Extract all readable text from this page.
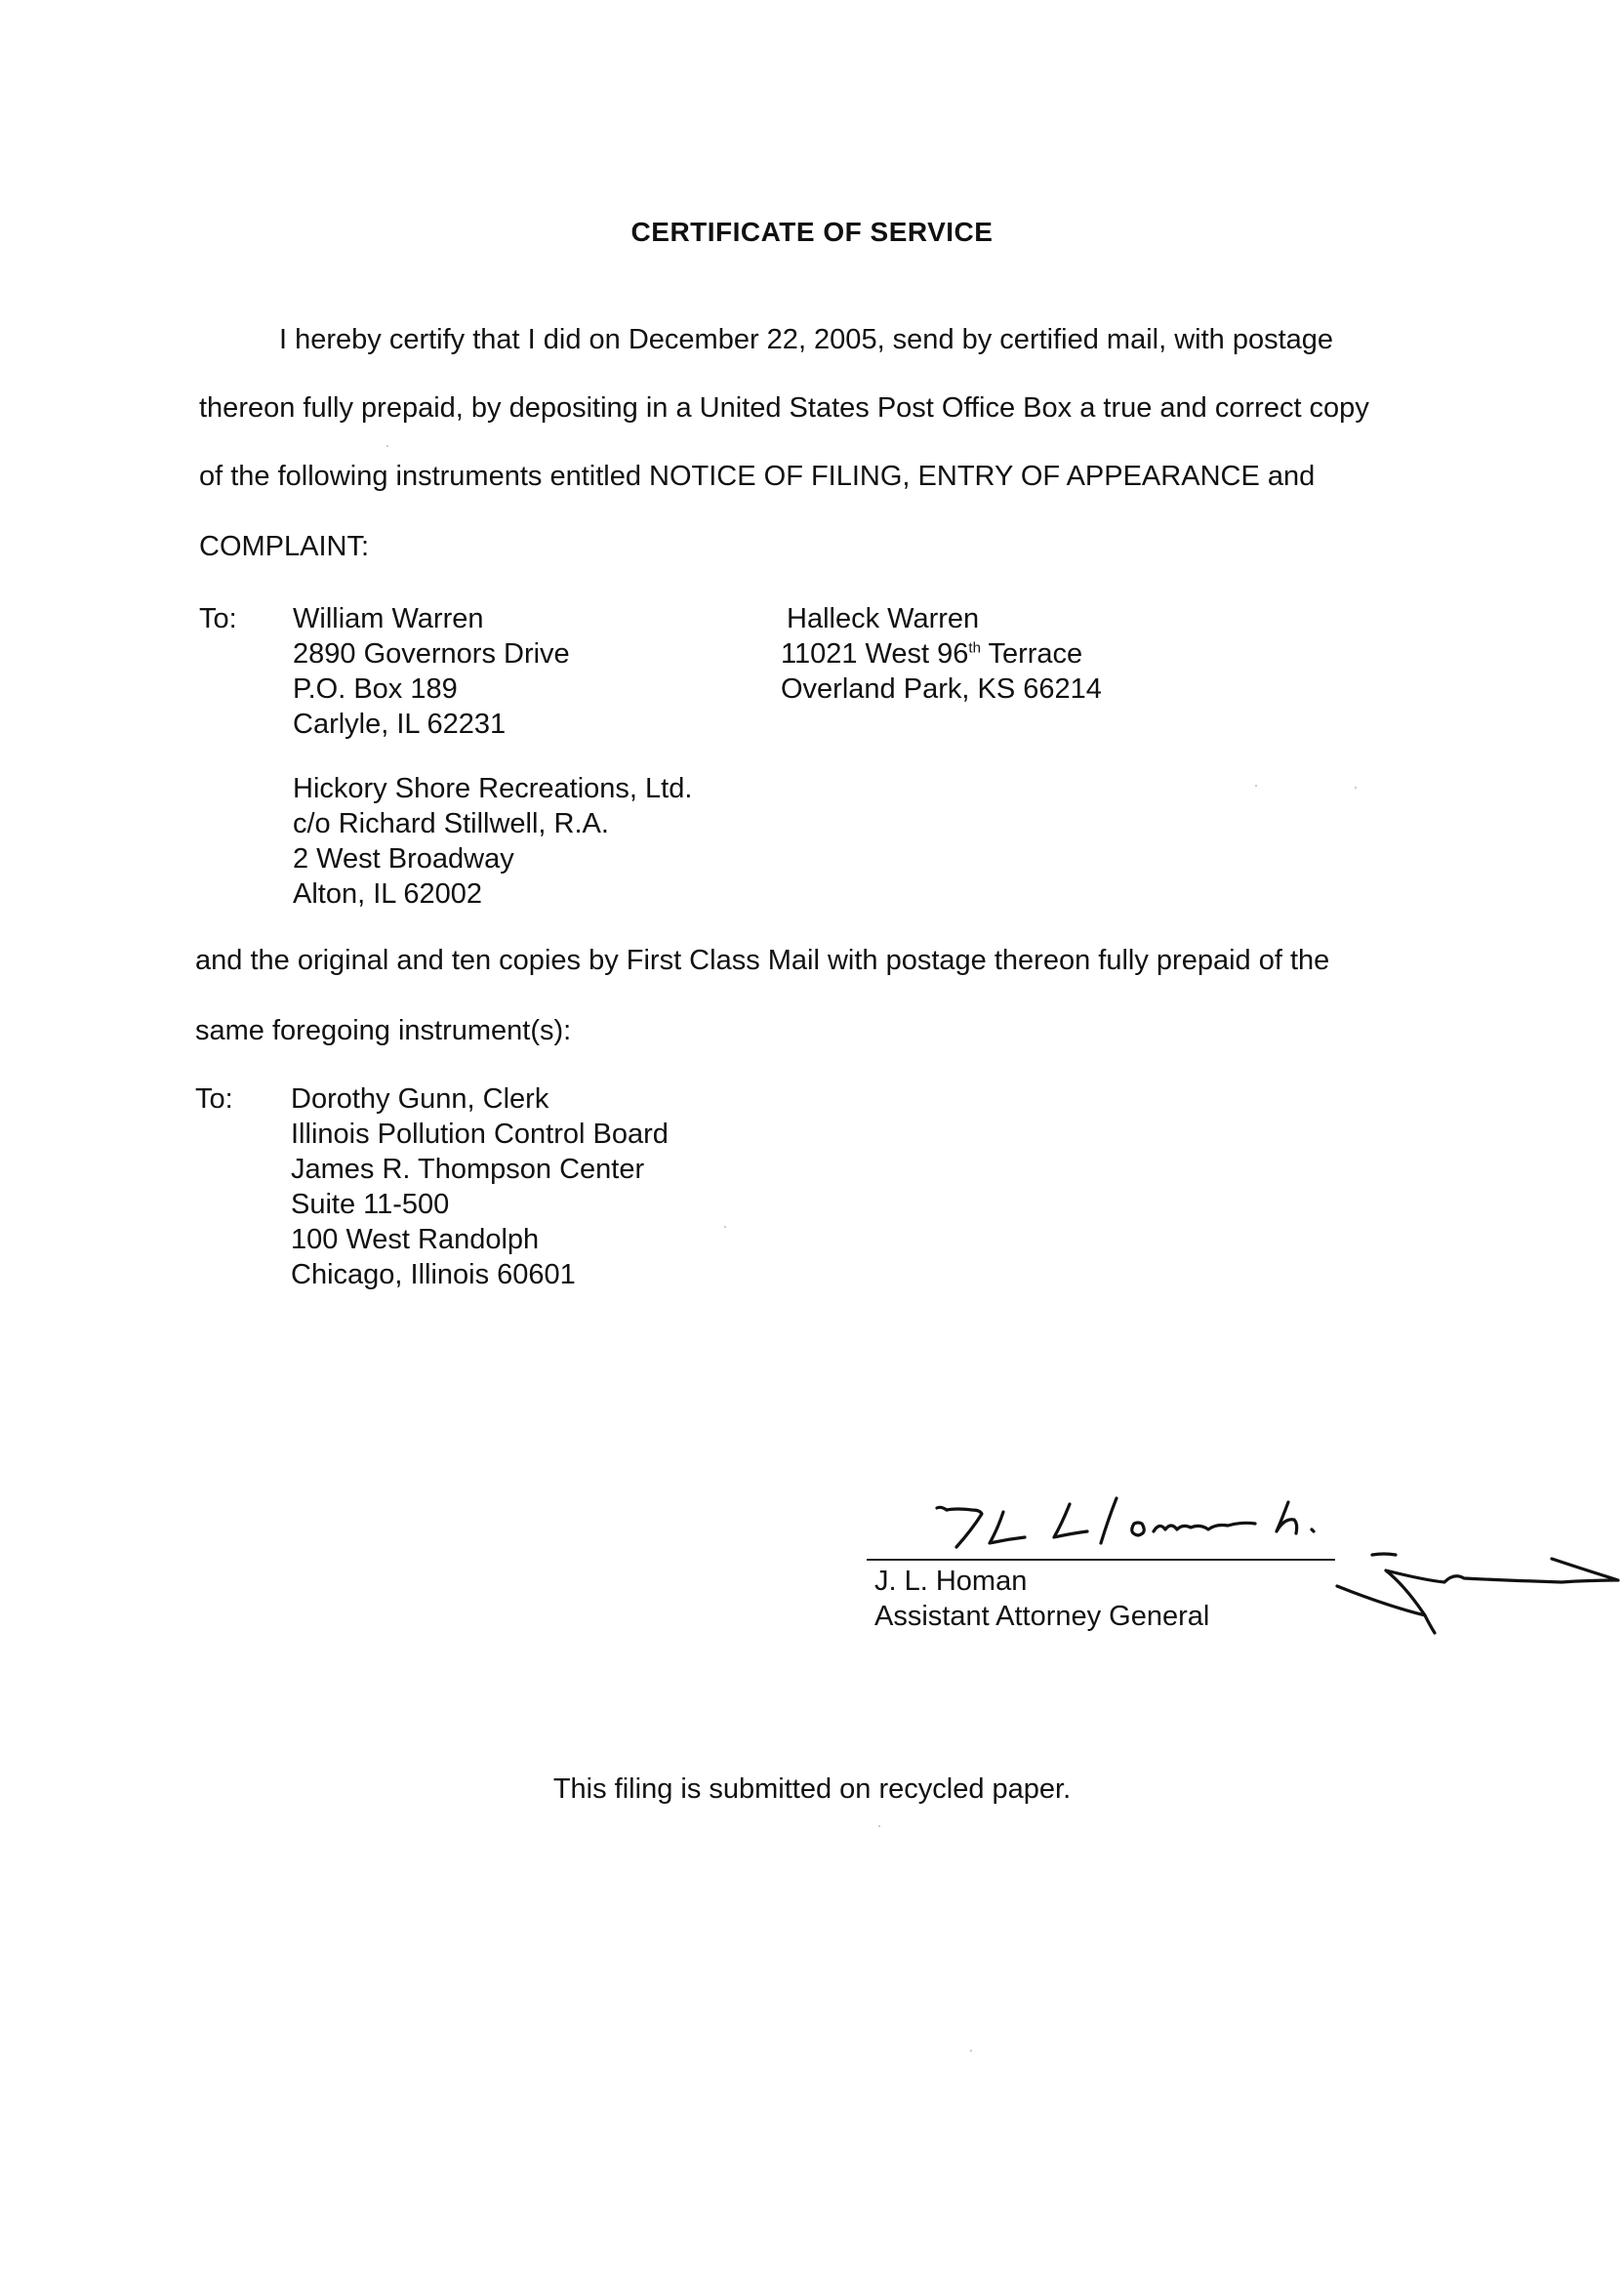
CERTIFICATE OF SERVICE
I hereby certify that I did on December 22, 2005, send by certified mail, with postage
thereon fully prepaid, by depositing in a United States Post Office Box a true and correct copy
of the following instruments entitled NOTICE OF FILING, ENTRY OF APPEARANCE and
COMPLAINT:
To: William Warren
2890 Governors Drive
P.O. Box 189
Carlyle, IL 62231
Halleck Warren
11021 West 96th Terrace
Overland Park, KS 66214
Hickory Shore Recreations, Ltd.
c/o Richard Stillwell, R.A.
2 West Broadway
Alton, IL 62002
and the original and ten copies by First Class Mail with postage thereon fully prepaid of the
same foregoing instrument(s):
To: Dorothy Gunn, Clerk
Illinois Pollution Control Board
James R. Thompson Center
Suite 11-500
100 West Randolph
Chicago, Illinois 60601
J. L. Homan
Assistant Attorney General
This filing is submitted on recycled paper.
